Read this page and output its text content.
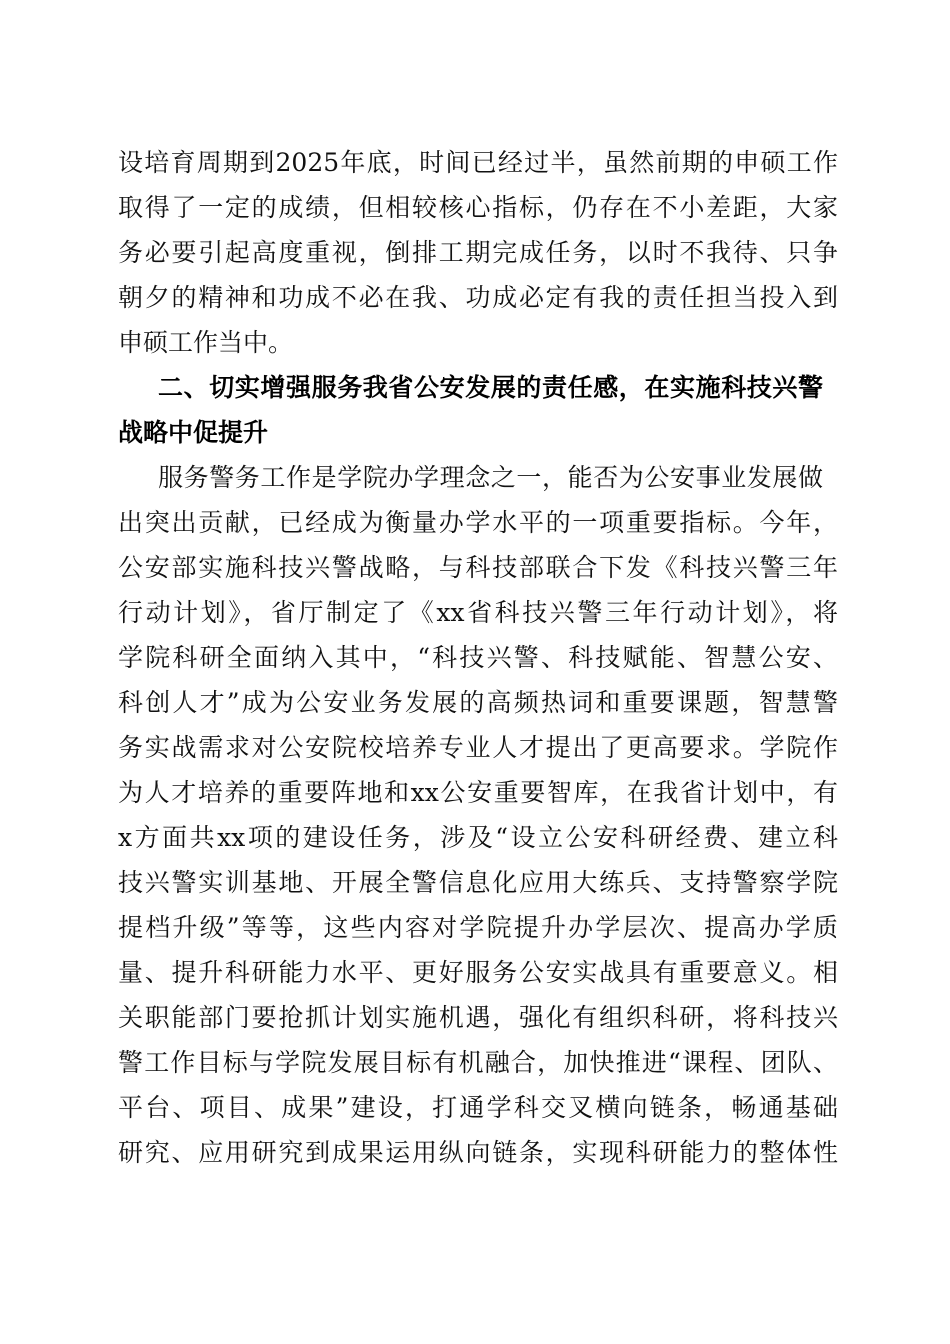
设培育周期到2025年底，时间已经过半，虽然前期的申硕工作
取得了一定的成绩，但相较核心指标，仍存在不小差距，大家
务必要引起高度重视，倒排工期完成任务，以时不我待、只争
朝夕的精神和功成不必在我、功成必定有我的责任担当投入到
申硕工作当中。
二、切实增强服务我省公安发展的责任感，在实施科技兴警
战略中促提升
服务警务工作是学院办学理念之一，能否为公安事业发展做
出突出贡献，已经成为衡量办学水平的一项重要指标。今年，
公安部实施科技兴警战略，与科技部联合下发《科技兴警三年
行动计划》，省厅制定了《xx省科技兴警三年行动计划》，将
学院科研全面纳入其中，“科技兴警、科技赋能、智慧公安、
科创人才”成为公安业务发展的高频热词和重要课题，智慧警
务实战需求对公安院校培养专业人才提出了更高要求。学院作
为人才培养的重要阵地和xx公安重要智库，在我省计划中，有
x方面共xx项的建设任务，涉及“设立公安科研经费、建立科
技兴警实训基地、开展全警信息化应用大练兵、支持警察学院
提档升级”等等，这些内容对学院提升办学层次、提高办学质
量、提升科研能力水平、更好服务公安实战具有重要意义。相
关职能部门要抢抓计划实施机遇，强化有组织科研，将科技兴
警工作目标与学院发展目标有机融合，加快推进“课程、团队、
平台、项目、成果”建设，打通学科交叉横向链条，畅通基础
研究、应用研究到成果运用纵向链条，实现科研能力的整体性
